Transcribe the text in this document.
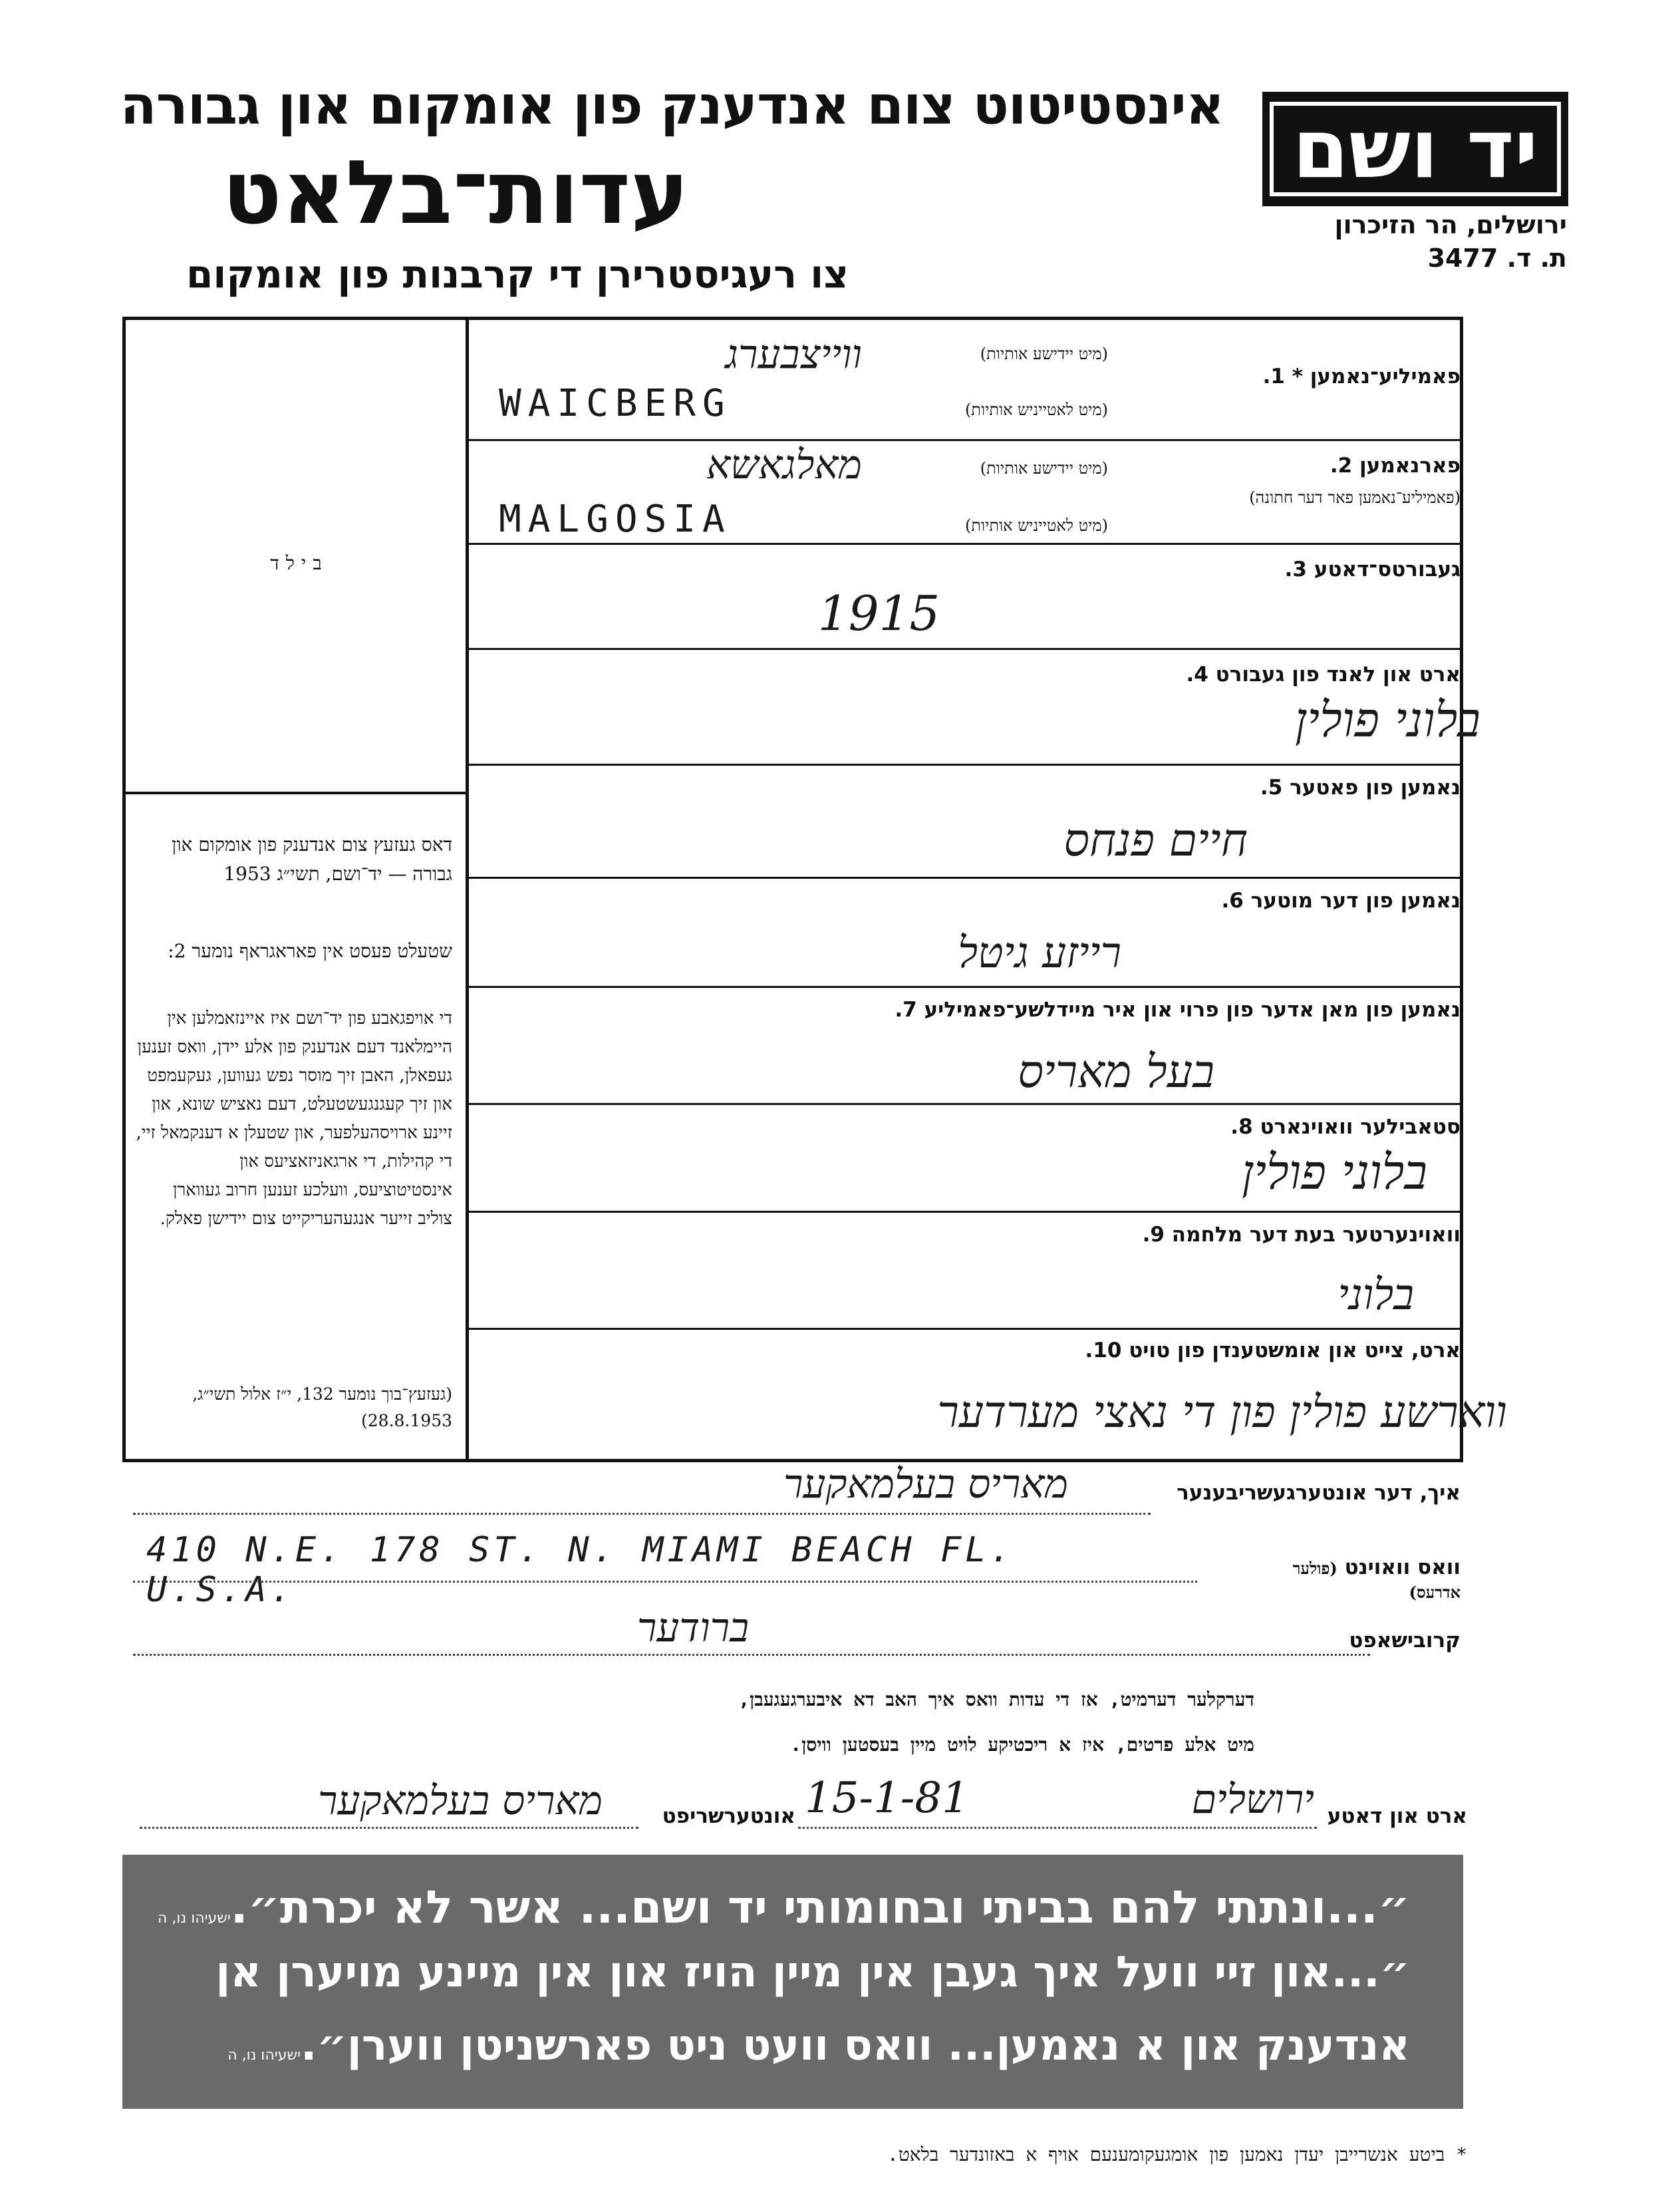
יד ושם
אינסטיטוט צום אנדענק פון אומקום און גבורה
עדות־בלאט
צו רעגיסטרירן די קרבנות פון אומקום
ירושלים, הר הזיכרון
ת. ד. 3477
בילד
דאס געזעץ צום אנדענק פון אומקום און גבורה — יד־ושם, תשי״ג 1953
שטעלט פעסט אין פאראגראף נומער 2:
די אויפגאבע פון יד־ושם איז איינזאמלען אין היימלאנד דעם אנדענק פון אלע יידן, וואס זענען געפאלן, האבן זיך מוסר נפש געווען, געקעמפט און זיך קעגנגעשטעלט, דעם נאציש שונא, און זיינע ארויסהעלפער, און שטעלן א דענקמאל זיי, די קהילות, די ארגאניזאציעס און אינסטיטוציעס, וועלכע זענען חרוב געווארן צוליב זייער אנגעהעריקייט צום יידישן פאלק.
(געזעץ־בוך נומער 132, י״ז אלול תשי״ג, 28.8.1953)
פאמיליע־נאמען * 1.
(מיט יידישע אותיות)
(מיט לאטייניש אותיות)
ווייצבערג
WAICBERG
פארנאמען 2.
(פאמיליע־נאמען פאר דער חתונה)
(מיט יידישע אותיות)
(מיט לאטייניש אותיות)
מאלגאשא
MALGOSIA
געבורטס־דאטע 3.
1915
ארט און לאנד פון געבורט 4.
בלוני פולין
נאמען פון פאטער 5.
חיים פנחס
נאמען פון דער מוטער 6.
רייזע גיטל
נאמען פון מאן אדער פון פרוי און איר מיידלשע־פאמיליע 7.
בעל מאריס
סטאבילער וואוינארט 8.
בלוני פולין
וואוינערטער בעת דער מלחמה 9.
בלוני
ארט, צייט און אומשטענדן פון טויט 10.
ווארשע פולין פון די נאצי מערדער
איך, דער אונטערגעשריבענער
מאריס בעלמאקער
וואס וואוינט (פולער אדרעס)
410 N.E. 178 ST. N. MIAMI BEACH FL. U.S.A.
קרובישאפט
ברודער
דערקלער דערמיט, אז די עדות וואס איך האב דא איבערגעגעבן,
מיט אלע פרטים, איז א ריכטיקע לויט מיין בעסטען וויסן.
ארט און דאטע
ירושלים
15-1-81
אונטערשריפט
מאריס בעלמאקער
״...ונתתי להם בביתי ובחומותי יד ושם... אשר לא יכרת״.ישעיהו נו, ה
״...און זיי וועל איך געבן אין מיין הויז און אין מיינע מויערן אן
אנדענק און א נאמען... וואס וועט ניט פארשניטן ווערן״.ישעיהו נו, ה
* ביטע אנשרייבן יעדן נאמען פון אומגעקומענעם אויף א באזונדער בלאט.
